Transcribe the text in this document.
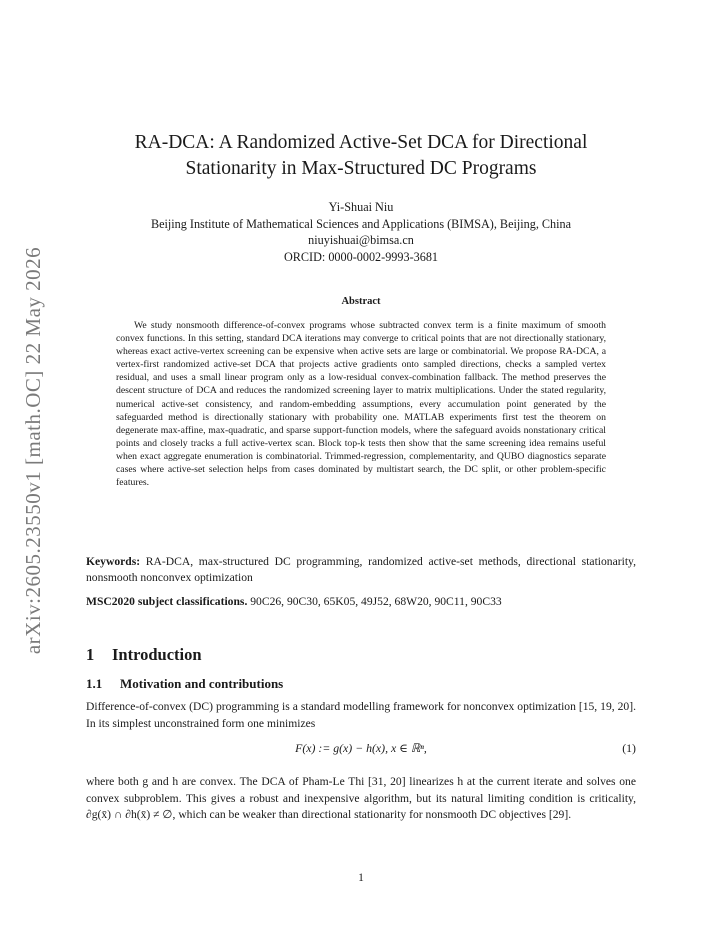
arXiv:2605.23550v1 [math.OC] 22 May 2026
RA-DCA: A Randomized Active-Set DCA for Directional
Stationarity in Max-Structured DC Programs
Yi-Shuai Niu
Beijing Institute of Mathematical Sciences and Applications (BIMSA), Beijing, China
niuyishuai@bimsa.cn
ORCID: 0000-0002-9993-3681
Abstract

We study nonsmooth difference-of-convex programs whose subtracted convex term is a finite maximum of smooth convex functions. In this setting, standard DCA iterations may converge to critical points that are not directionally stationary, whereas exact active-vertex screening can be expensive when active sets are large or combinatorial. We propose RA-DCA, a vertex-first randomized active-set DCA that projects active gradients onto sampled directions, checks a sampled vertex residual, and uses a small linear program only as a low-residual convex-combination fallback. The method preserves the descent structure of DCA and reduces the randomized screening layer to matrix multiplications. Under the stated regularity, numerical active-set consistency, and random-embedding assumptions, every accumulation point generated by the safeguarded method is directionally stationary with probability one. MATLAB experiments first test the theorem on degenerate max-affine, max-quadratic, and sparse support-function models, where the safeguard avoids nonstationary critical points and closely tracks a full active-vertex scan. Block top-k tests then show that the same screening idea remains useful when exact aggregate enumeration is combinatorial. Trimmed-regression, complementarity, and QUBO diagnostics separate cases where active-set selection helps from cases dominated by multistart search, the DC split, or other problem-specific features.

Keywords: RA-DCA, max-structured DC programming, randomized active-set methods, directional stationarity, nonsmooth nonconvex optimization

MSC2020 subject classifications. 90C26, 90C30, 65K05, 49J52, 68W20, 90C11, 90C33

1 Introduction
1.1 Motivation and contributions

Difference-of-convex (DC) programming is a standard modelling framework for nonconvex optimization [15, 19, 20]. In its simplest unconstrained form one minimizes

F(x) := g(x) − h(x), x ∈ ℝⁿ,	(1)

where both g and h are convex. The DCA of Pham-Le Thi [31, 20] linearizes h at the current iterate and solves one convex subproblem. This gives a robust and inexpensive algorithm, but its natural limiting condition is criticality, ∂g(x̄) ∩ ∂h(x̄) ≠ ∅, which can be weaker than directional stationarity for nonsmooth DC objectives [29].

1
